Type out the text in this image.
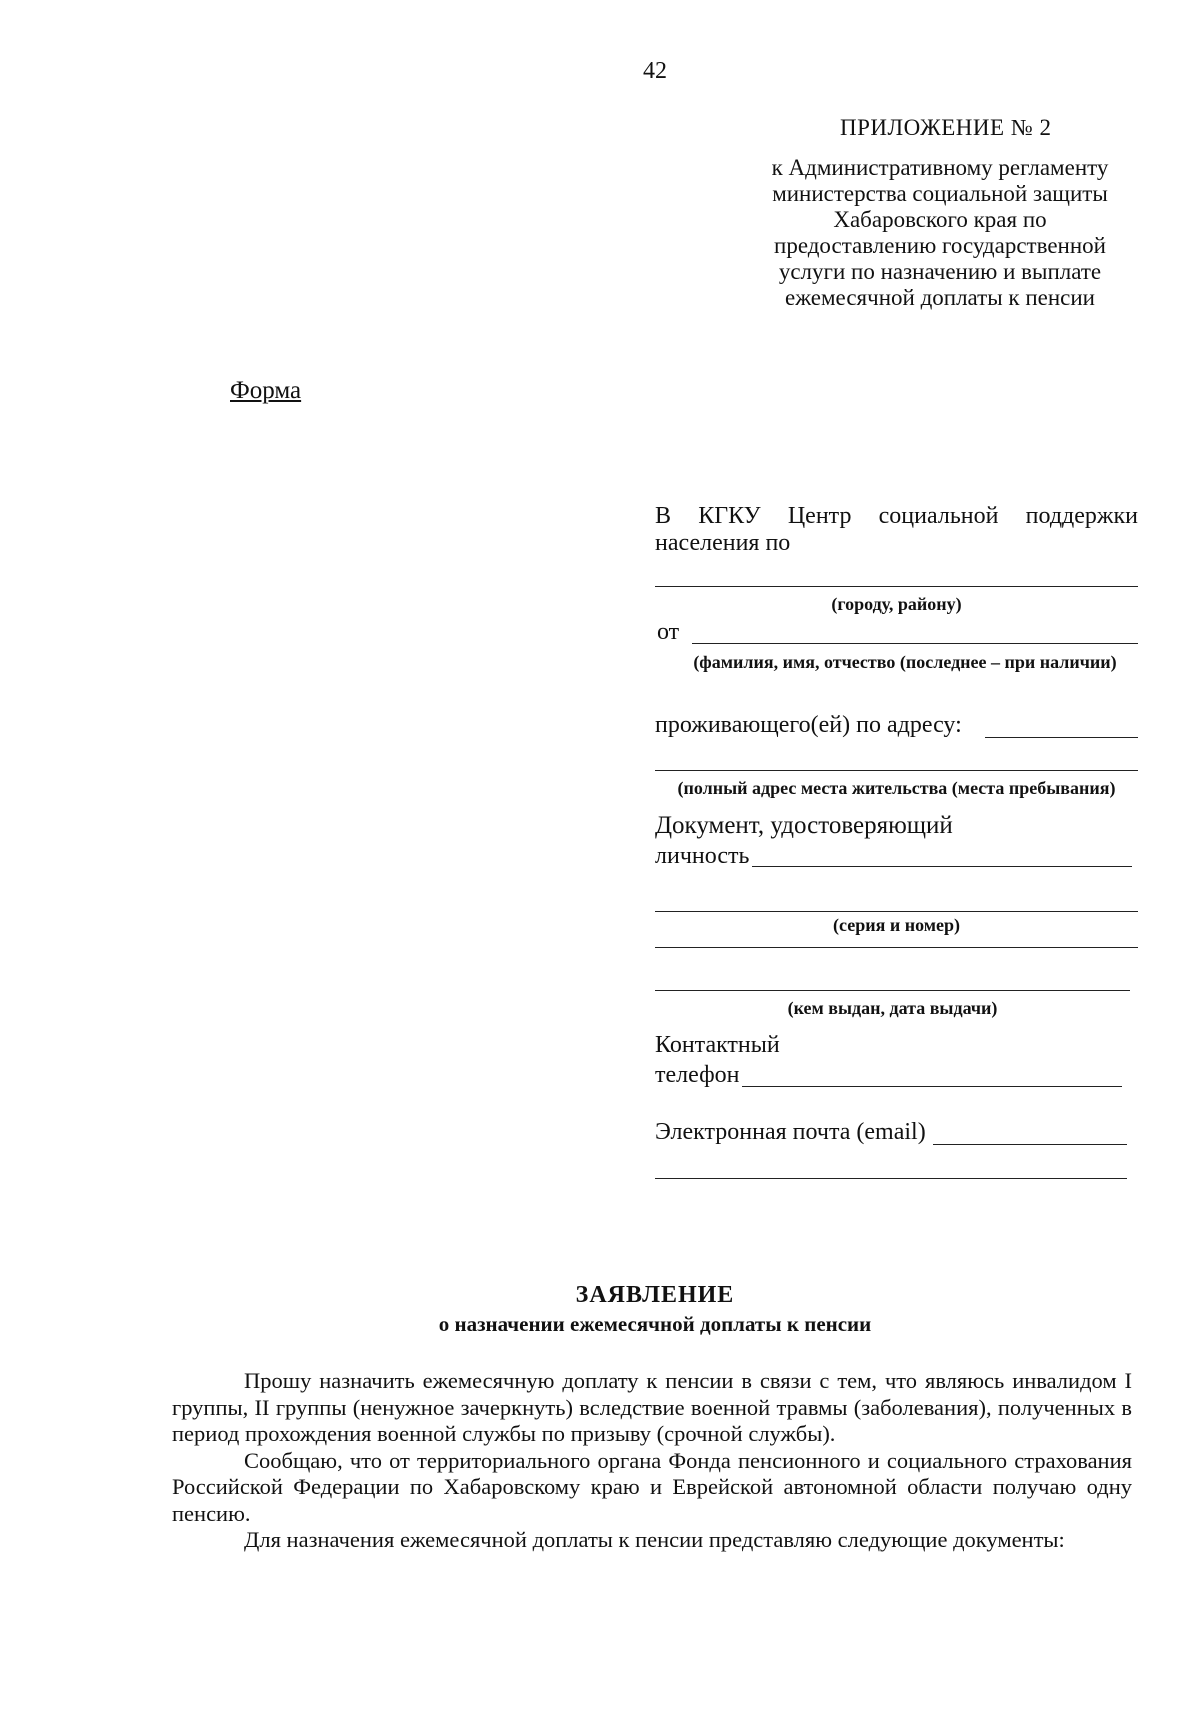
42
ПРИЛОЖЕНИЕ № 2
к Административному регламенту
министерства социальной защиты
Хабаровского края по
предоставлению государственной
услуги по назначению и выплате
ежемесячной доплаты к пенсии
Форма
В КГКУ Центр социальной поддержки
населения по
(городу, району)
от
(фамилия, имя, отчество (последнее – при наличии)
проживающего(ей) по адресу:
(полный адрес места жительства (места пребывания)
Документ, удостоверяющий
личность
(серия и номер)
(кем выдан, дата выдачи)
Контактный
телефон
Электронная почта (email)
ЗАЯВЛЕНИЕ
о назначении ежемесячной доплаты к пенсии

Прошу назначить ежемесячную доплату к пенсии в связи с тем, что являюсь инвалидом I группы, II группы (ненужное зачеркнуть) вследствие военной травмы (заболевания), полученных в период прохождения военной службы по призыву (срочной службы).

Сообщаю, что от территориального органа Фонда пенсионного и социального страхования Российской Федерации по Хабаровскому краю и Еврейской автономной области получаю одну пенсию.

Для назначения ежемесячной доплаты к пенсии представляю следующие документы:
